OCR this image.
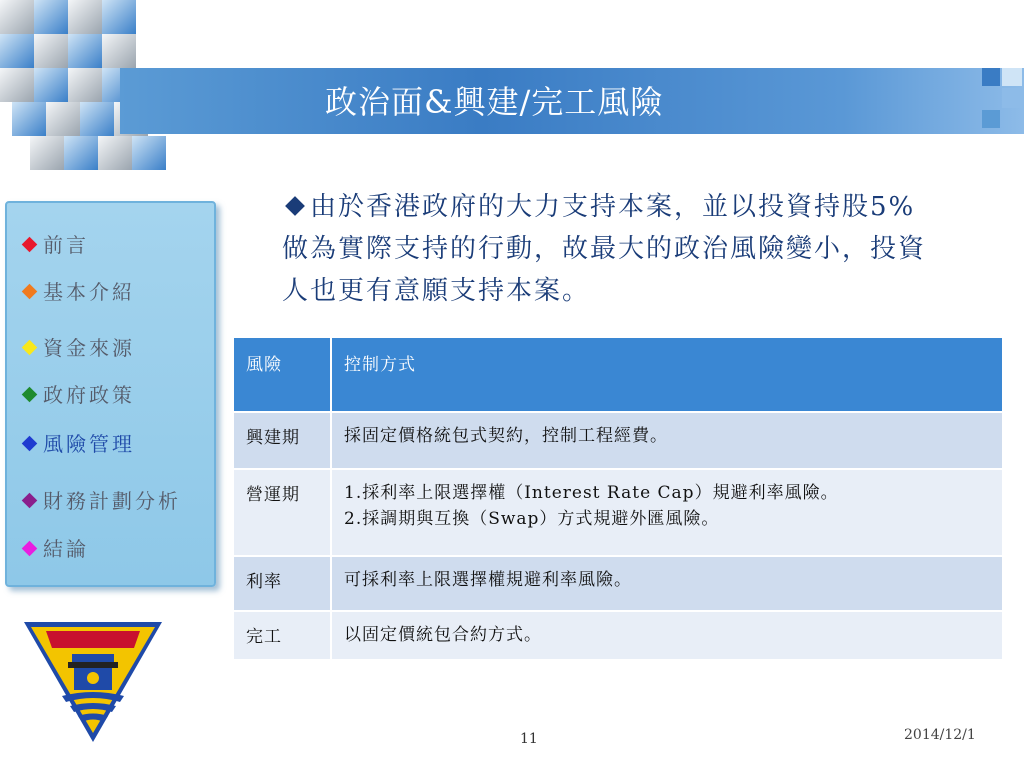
政治面&興建/完工風險
前言
基本介紹
資金來源
政府政策
風險管理
財務計劃分析
結論
由於香港政府的大力支持本案，並以投資持股5%做為實際支持的行動，故最大的政治風險變小，投資人也更有意願支持本案。
風險	控制方式
興建期	採固定價格統包式契約，控制工程經費。

營運期	1.採利率上限選擇權（Interest Rate Cap）規避利率風險。
2.採調期與互換（Swap）方式規避外匯風險。

利率	可採利率上限選擇權規避利率風險。

完工	以固定價統包合約方式。
11	2014/12/1
